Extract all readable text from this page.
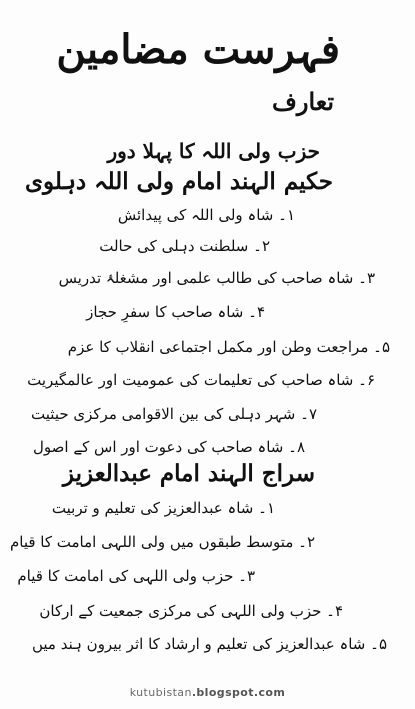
فہرست مضامین
تعارف
حزب ولی اللہ کا پہلا دور
حکیم الہند امام ولی اللہ دہلوی
۱۔ شاہ ولی اللہ کی پیدائش
۲۔ سلطنت دہلی کی حالت
۳۔ شاہ صاحب کی طالب علمی اور مشغلۂ تدریس
۴۔ شاہ صاحب کا سفرِ حجاز
۵۔ مراجعت وطن اور مکمل اجتماعی انقلاب کا عزم
۶۔ شاہ صاحب کی تعلیمات کی عمومیت اور عالمگیریت
۷۔ شہر دہلی کی بین الاقوامی مرکزی حیثیت
۸۔ شاہ صاحب کی دعوت اور اس کے اصول
سراج الہند امام عبدالعزیز
۱۔ شاہ عبدالعزیز کی تعلیم و تربیت
۲۔ متوسط طبقوں میں ولی اللہی امامت کا قیام
۳۔ حزب ولی اللہی کی امامت کا قیام
۴۔ حزب ولی اللہی کی مرکزی جمعیت کے ارکان
۵۔ شاہ عبدالعزیز کی تعلیم و ارشاد کا اثر بیرون ہند میں
kutubistan.blogspot.com
